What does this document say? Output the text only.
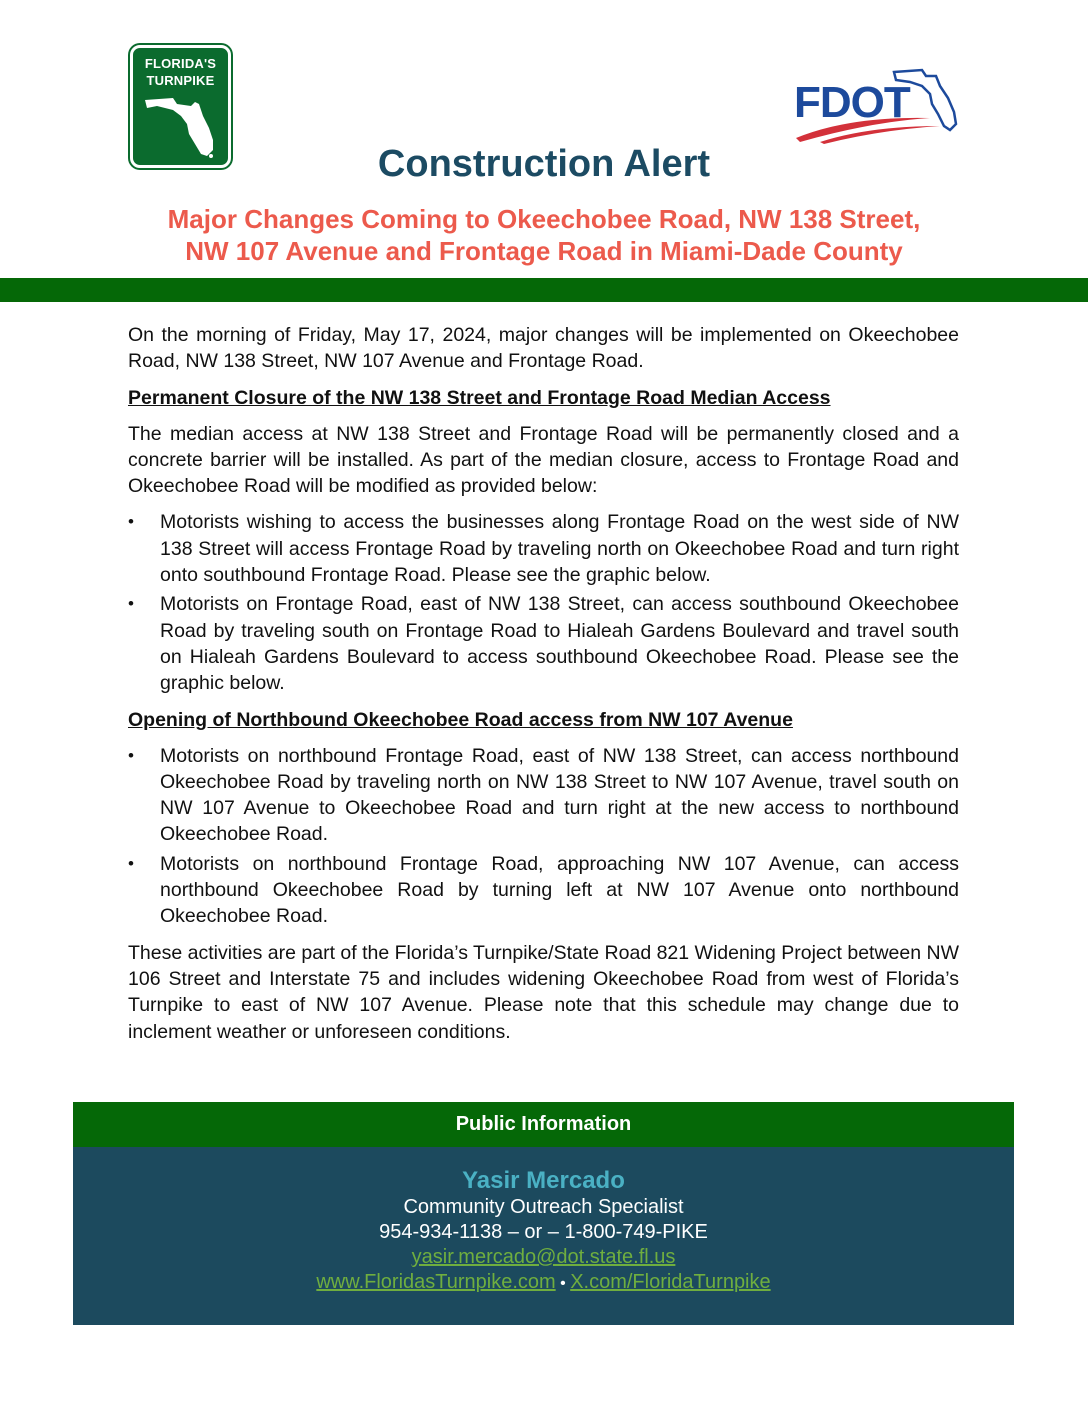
FLORIDA'S
TURNPIKE	FDOT
Construction Alert
Major Changes Coming to Okeechobee Road, NW 138 Street,
NW 107 Avenue and Frontage Road in Miami-Dade County

On the morning of Friday, May 17, 2024, major changes will be implemented on Okeechobee Road, NW 138 Street, NW 107 Avenue and Frontage Road.

Permanent Closure of the NW 138 Street and Frontage Road Median Access

The median access at NW 138 Street and Frontage Road will be permanently closed and a concrete barrier will be installed. As part of the median closure, access to Frontage Road and Okeechobee Road will be modified as provided below:

• Motorists wishing to access the businesses along Frontage Road on the west side of NW 138 Street will access Frontage Road by traveling north on Okeechobee Road and turn right onto southbound Frontage Road. Please see the graphic below.
• Motorists on Frontage Road, east of NW 138 Street, can access southbound Okeechobee Road by traveling south on Frontage Road to Hialeah Gardens Boulevard and travel south on Hialeah Gardens Boulevard to access southbound Okeechobee Road. Please see the graphic below.
Opening of Northbound Okeechobee Road access from NW 107 Avenue
• Motorists on northbound Frontage Road, east of NW 138 Street, can access northbound Okeechobee Road by traveling north on NW 138 Street to NW 107 Avenue, travel south on NW 107 Avenue to Okeechobee Road and turn right at the new access to northbound Okeechobee Road.
• Motorists on northbound Frontage Road, approaching NW 107 Avenue, can access northbound Okeechobee Road by turning left at NW 107 Avenue onto northbound Okeechobee Road.

These activities are part of the Florida’s Turnpike/State Road 821 Widening Project between NW 106 Street and Interstate 75 and includes widening Okeechobee Road from west of Florida’s Turnpike to east of NW 107 Avenue. Please note that this schedule may change due to inclement weather or unforeseen conditions.

Public Information
Yasir Mercado
Community Outreach Specialist
954-934-1138 – or – 1-800-749-PIKE
yasir.mercado@dot.state.fl.us
www.FloridasTurnpike.com • X.com/FloridaTurnpike
